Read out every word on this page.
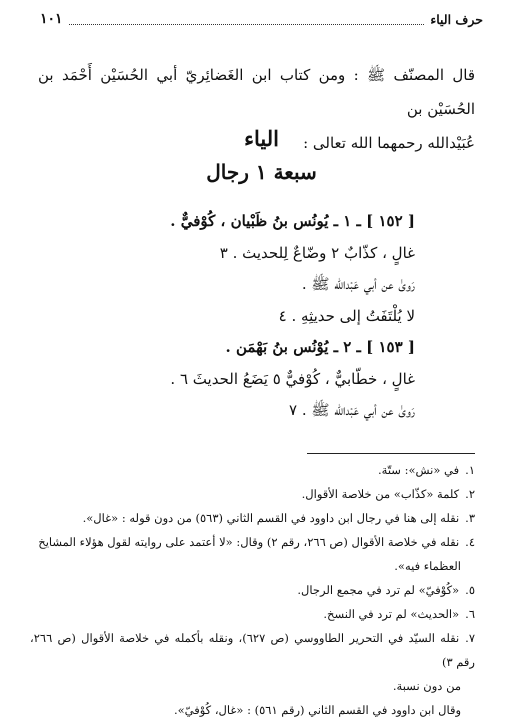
حرف الياء
١٠١

قال المصنّف ﷺ : ومن كتاب ابن الغَضائِريّ أبي الحُسَيْن أَحْمَد بن الحُسَيْن بن

عُبَيْدالله رحمهما الله تعالى :

الياء
سبعة ١ رجال
[ ١٥٢ ] ـ ١ ـ يُونُس بنُ ظَبْيان ، كُوْفيٌّ .
غالٍ ، كذّابٌ ٢ وضّاعٌ لِلحديث . ٣
رَوىٰ عن أبي عَبْدالله ﷺ .
لا يُلْتَفَتُ إلى حديثِهِ . ٤
[ ١٥٣ ] ـ ٢ ـ يُوْنُس بنُ بَهْمَن .
غالٍ ، خطّابيٌّ ، كُوْفيٌّ ٥ يَضَعُ الحديثَ ٦ .
رَوىٰ عن أبي عَبْدالله ﷺ . ٧
١.في «نش»: ستّة.
٢.كلمة «كذّاب» من خلاصة الأقوال.
٣.نقله إلى هنا في رجال ابن داوود في القسم الثاني (٥٦٣) من دون قوله : «غال».
٤.نقله في خلاصة الأقوال (ص ٢٦٦، رقم ٢) وقال: «لا أعتمد على روايته لقول هؤلاء المشايخ
العظماء فيه».
٥.«كُوْفيّ» لم ترد في مجمع الرجال.
٦.«الحديث» لم ترد في النسخ.
٧.نقله السيّد في التحرير الطاووسي (ص ٦٢٧)، ونقله بأكمله في خلاصة الأقوال (ص ٢٦٦، رقم ٣)
من دون نسبة.
وقال ابن داوود في القسم الثاني (رقم ٥٦١) : «غال، كُوْفيّ».
